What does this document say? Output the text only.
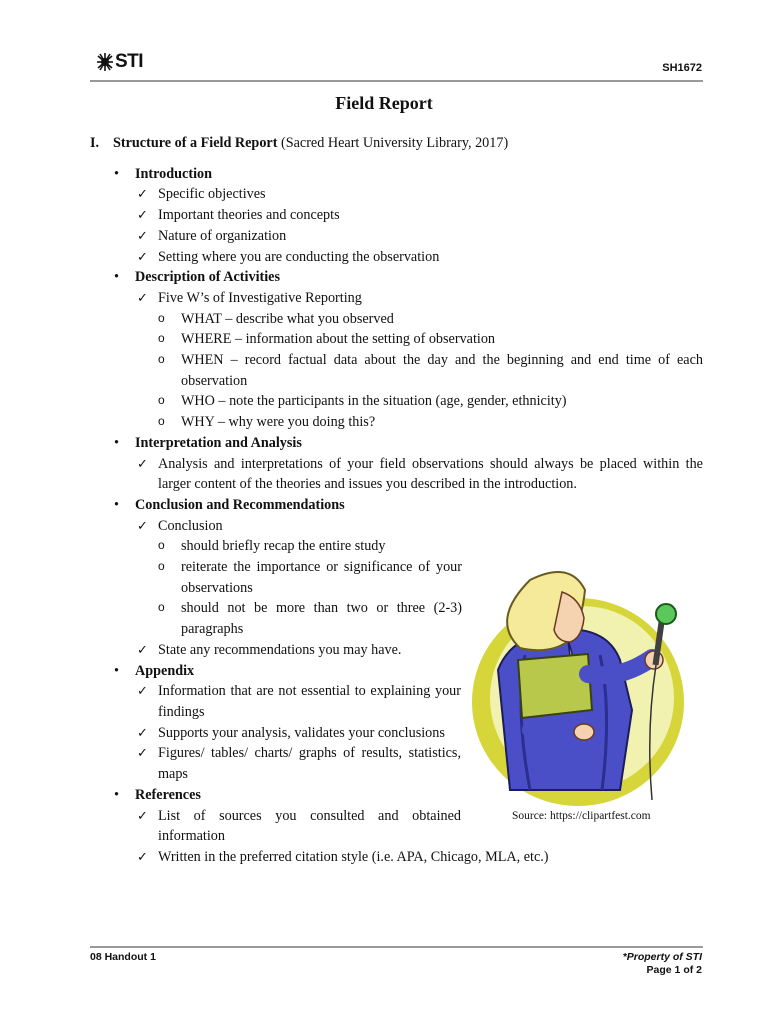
STI	SH1672
Field Report
I. Structure of a Field Report (Sacred Heart University Library, 2017)
• Introduction
✓ Specific objectives
✓ Important theories and concepts
✓ Nature of organization
✓ Setting where you are conducting the observation
• Description of Activities
✓ Five W’s of Investigative Reporting
o WHAT – describe what you observed
o WHERE – information about the setting of observation
o WHEN – record factual data about the day and the beginning and end time of each observation
o WHO – note the participants in the situation (age, gender, ethnicity)
o WHY – why were you doing this?
• Interpretation and Analysis
✓ Analysis and interpretations of your field observations should always be placed within the larger content of the theories and issues you described in the introduction.
• Conclusion and Recommendations
✓ Conclusion
o should briefly recap the entire study
o reiterate the importance or significance of your observations
o should not be more than two or three (2-3) paragraphs
✓ State any recommendations you may have.
• Appendix
✓ Information that are not essential to explaining your findings
✓ Supports your analysis, validates your conclusions
✓ Figures/ tables/ charts/ graphs of results, statistics, maps
• References
✓ List of sources you consulted and obtained information
✓ Written in the preferred citation style (i.e. APA, Chicago, MLA, etc.)
Source: https://clipartfest.com
08 Handout 1	*Property of STI
Page 1 of 2
